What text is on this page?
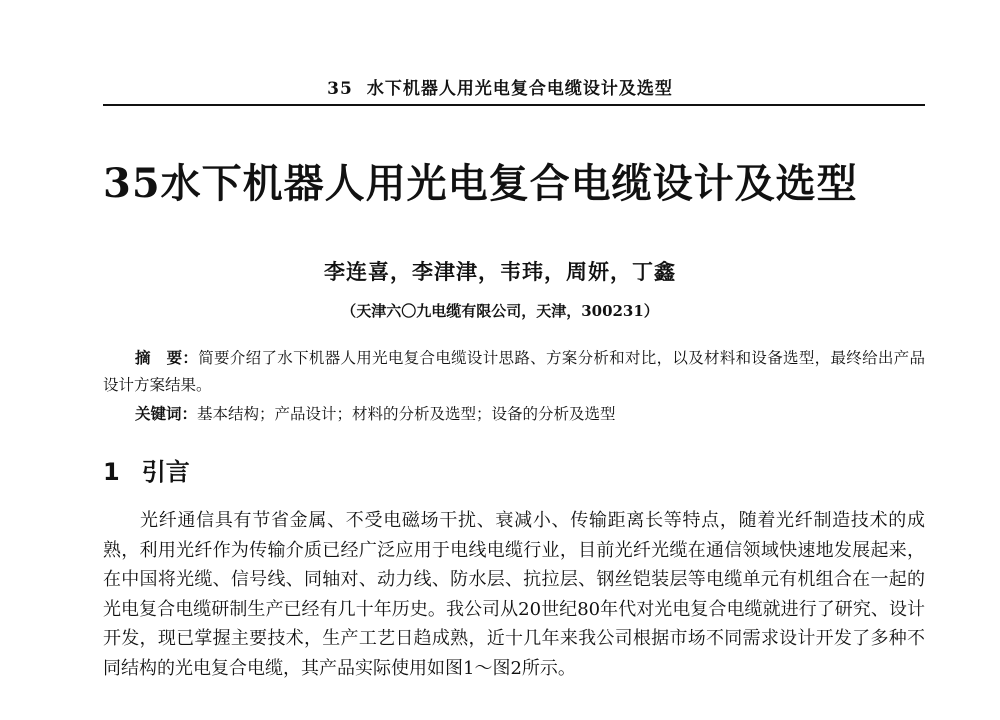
35 水下机器人用光电复合电缆设计及选型
35水下机器人用光电复合电缆设计及选型
李连喜，李津津，韦玮，周妍，丁鑫
（天津六〇九电缆有限公司，天津，300231）
摘　要：简要介绍了水下机器人用光电复合电缆设计思路、方案分析和对比，以及材料和设备选型，最终给出产品设计方案结果。
关键词：基本结构；产品设计；材料的分析及选型；设备的分析及选型
1 引言
光纤通信具有节省金属、不受电磁场干扰、衰减小、传输距离长等特点，随着光纤制造技术的成熟，利用光纤作为传输介质已经广泛应用于电线电缆行业，目前光纤光缆在通信领域快速地发展起来，在中国将光缆、信号线、同轴对、动力线、防水层、抗拉层、钢丝铠装层等电缆单元有机组合在一起的光电复合电缆研制生产已经有几十年历史。我公司从20世纪80年代对光电复合电缆就进行了研究、设计开发，现已掌握主要技术，生产工艺日趋成熟，近十几年来我公司根据市场不同需求设计开发了多种不同结构的光电复合电缆，其产品实际使用如图1～图2所示。
